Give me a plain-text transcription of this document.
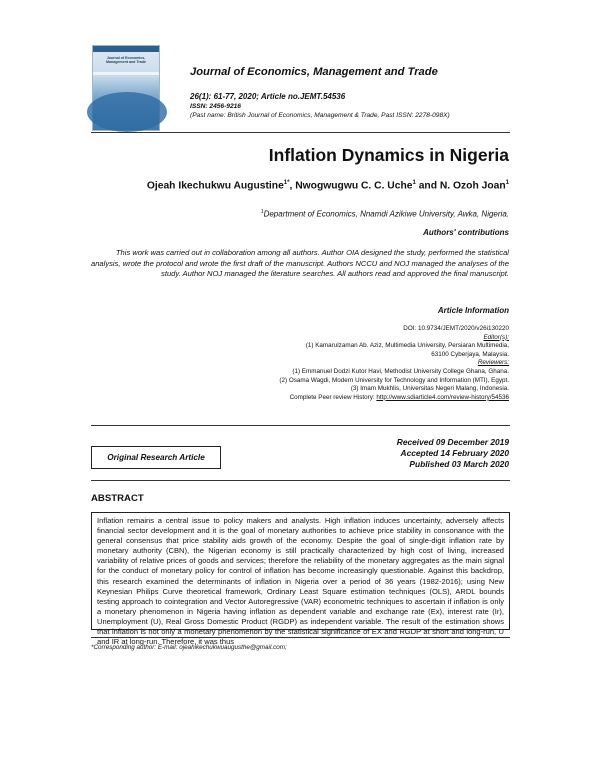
Journal of Economics, Management and Trade
Journal of Economics, Management and Trade
26(1): 61-77, 2020; Article no.JEMT.54536
ISSN: 2456-9216
(Past name: British Journal of Economics, Management & Trade, Past ISSN: 2278-098X)
Inflation Dynamics in Nigeria
Ojeah Ikechukwu Augustine$^{1*}$, Nwogwugwu C. C. Uche$^1$ and N. Ozoh Joan$^1$
$^1$Department of Economics, Nnamdi Azikiwe University, Awka, Nigeria.
Authors' contributions
This work was carried out in collaboration among all authors. Author OIA designed the study, performed the statistical analysis, wrote the protocol and wrote the first draft of the manuscript. Authors NCCU and NOJ managed the analyses of the study. Author NOJ managed the literature searches. All authors read and approved the final manuscript.
Article Information
DOI: 10.9734/JEMT/2020/v26i130220
Editor(s):
(1) Kamarulzaman Ab. Aziz, Multimedia University, Persiaran Multimedia,
63100 Cyberjaya, Malaysia.
Reviewers:
(1) Emmanuel Dodzi Kutor Havi, Methodist University College Ghana, Ghana.
(2) Osama Wagdi, Modern University for Technology and Information (MTI), Egypt.
(3) Imam Mukhlis, Universitas Negeri Malang, Indonesia.
Complete Peer review History: http://www.sdiarticle4.com/review-history/54536
Original Research Article
Received 09 December 2019
Accepted 14 February 2020
Published 03 March 2020
ABSTRACT
Inflation remains a central issue to policy makers and analysts. High inflation induces uncertainty, adversely affects financial sector development and it is the goal of monetary authorities to achieve price stability in consonance with the general consensus that price stability aids growth of the economy. Despite the goal of single-digit inflation rate by monetary authority (CBN), the Nigerian economy is still practically characterized by high cost of living, increased variability of relative prices of goods and services; therefore the reliability of the monetary aggregates as the main signal for the conduct of monetary policy for control of inflation has become increasingly questionable. Against this backdrop, this research examined the determinants of inflation in Nigeria over a period of 36 years (1982-2016); using New Keynesian Philips Curve theoretical framework, Ordinary Least Square estimation techniques (OLS), ARDL bounds testing approach to cointegration and Vector Autoregressive (VAR) econometric techniques to ascertain if inflation is only a monetary phenomenon in Nigeria having inflation as dependent variable and exchange rate (Ex), interest rate (Ir), Unemployment (U), Real Gross Domestic Product (RGDP) as independent variable. The result of the estimation shows that inflation is not only a monetary phenomenon by the statistical significance of EX and RGDP at short and long-run, U and IR at long-run. Therefore, it was thus
*Corresponding author: E-mail: ojeahikechukwuaugusthe@gmail.com;
